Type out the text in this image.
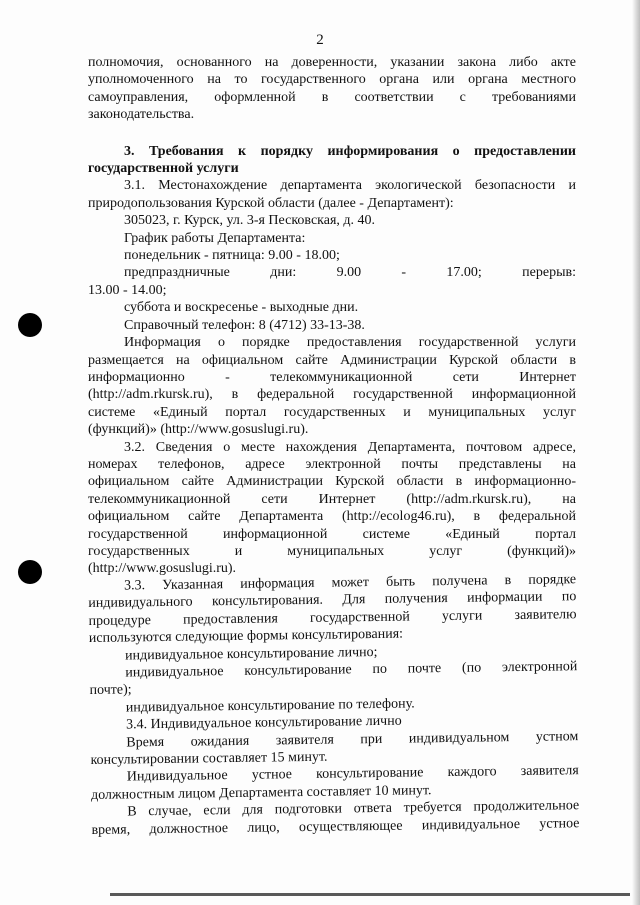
2

полномочия, основанного на доверенности, указании закона либо акте

уполномоченного на то государственного органа или органа местного

самоуправления, оформленной в соответствии с требованиями

законодательства.

3. Требования к порядку информирования о предоставлении

государственной услуги

3.1. Местонахождение департамента экологической безопасности и

природопользования Курской области (далее - Департамент):

305023, г. Курск, ул. 3-я Песковская, д. 40.

График работы Департамента:

понедельник - пятница: 9.00 - 18.00;

предпраздничные дни: 9.00 - 17.00; перерыв:

13.00 - 14.00;

суббота и воскресенье - выходные дни.

Справочный телефон: 8 (4712) 33-13-38.

Информация о порядке предоставления государственной услуги

размещается на официальном сайте Администрации Курской области в

информационно - телекоммуникационной сети Интернет

(http://adm.rkursk.ru), в федеральной государственной информационной

системе «Единый портал государственных и муниципальных услуг

(функций)» (http://www.gosuslugi.ru).

3.2. Сведения о месте нахождения Департамента, почтовом адресе,

номерах телефонов, адресе электронной почты представлены на

официальном сайте Администрации Курской области в информационно-

телекоммуникационной сети Интернет (http://adm.rkursk.ru), на

официальном сайте Департамента (http://ecolog46.ru), в федеральной

государственной информационной системе «Единый портал

государственных и муниципальных услуг (функций)»

(http://www.gosuslugi.ru).

3.3. Указанная информация может быть получена в порядке

индивидуального консультирования. Для получения информации по

процедуре предоставления государственной услуги заявителю

используются следующие формы консультирования:

индивидуальное консультирование лично;

индивидуальное консультирование по почте (по электронной

почте);

индивидуальное консультирование по телефону.

3.4. Индивидуальное консультирование лично

Время ожидания заявителя при индивидуальном устном

консультировании составляет 15 минут.

Индивидуальное устное консультирование каждого заявителя

должностным лицом Департамента составляет 10 минут.

В случае, если для подготовки ответа требуется продолжительное

время, должностное лицо, осуществляющее индивидуальное устное
